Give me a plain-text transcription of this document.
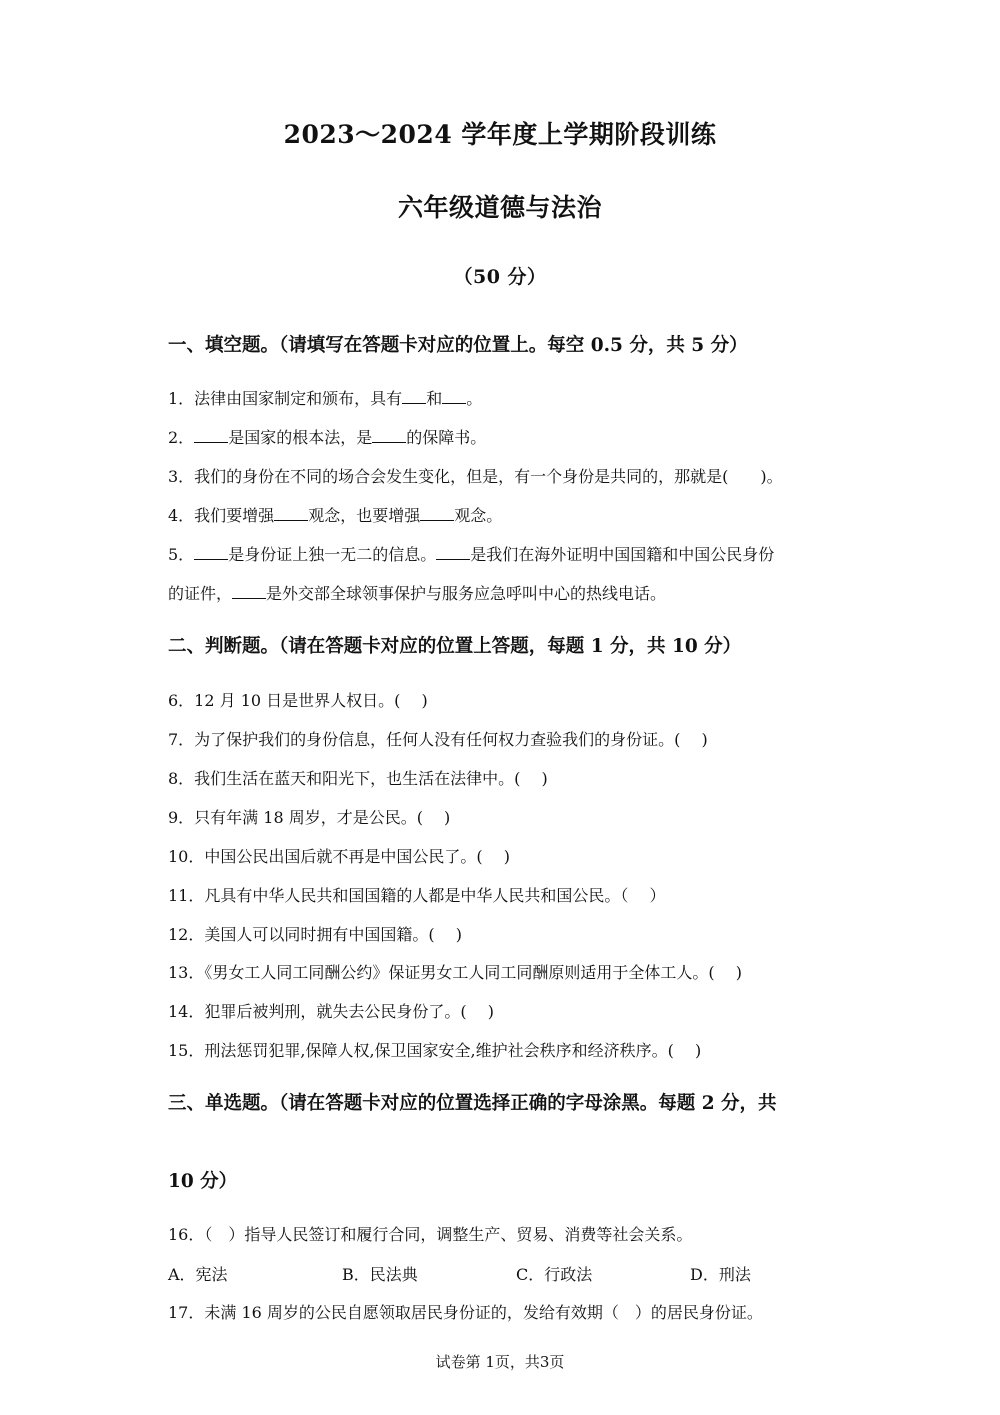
2023～2024 学年度上学期阶段训练
六年级道德与法治
（50 分）
一、填空题。（请填写在答题卡对应的位置上。每空 0.5 分，共 5 分）
1．法律由国家制定和颁布，具有 和 。
2． 是国家的根本法，是 的保障书。
3．我们的身份在不同的场合会发生变化，但是，有一个身份是共同的，那就是(　　)。
4．我们要增强 观念，也要增强 观念。
5． 是身份证上独一无二的信息。 是我们在海外证明中国国籍和中国公民身份
的证件， 是外交部全球领事保护与服务应急呼叫中心的热线电话。
二、判断题。（请在答题卡对应的位置上答题，每题 1 分，共 10 分）
6．12 月 10 日是世界人权日。(　 )
7．为了保护我们的身份信息，任何人没有任何权力查验我们的身份证。(　 )
8．我们生活在蓝天和阳光下，也生活在法律中。(　 )
9．只有年满 18 周岁，才是公民。(　 )
10．中国公民出国后就不再是中国公民了。(　 )
11．凡具有中华人民共和国国籍的人都是中华人民共和国公民。（　 ）
12．美国人可以同时拥有中国国籍。(　 )
13．《男女工人同工同酬公约》保证男女工人同工同酬原则适用于全体工人。(　 )
14．犯罪后被判刑，就失去公民身份了。(　 )
15．刑法惩罚犯罪,保障人权,保卫国家安全,维护社会秩序和经济秩序。(　 )
三、单选题。（请在答题卡对应的位置选择正确的字母涂黑。每题 2 分，共
10 分）
16．（　）指导人民签订和履行合同，调整生产、贸易、消费等社会关系。
A．宪法	B．民法典	C．行政法	D．刑法
17．未满 16 周岁的公民自愿领取居民身份证的，发给有效期（　）的居民身份证。
试卷第 1页，共3页
